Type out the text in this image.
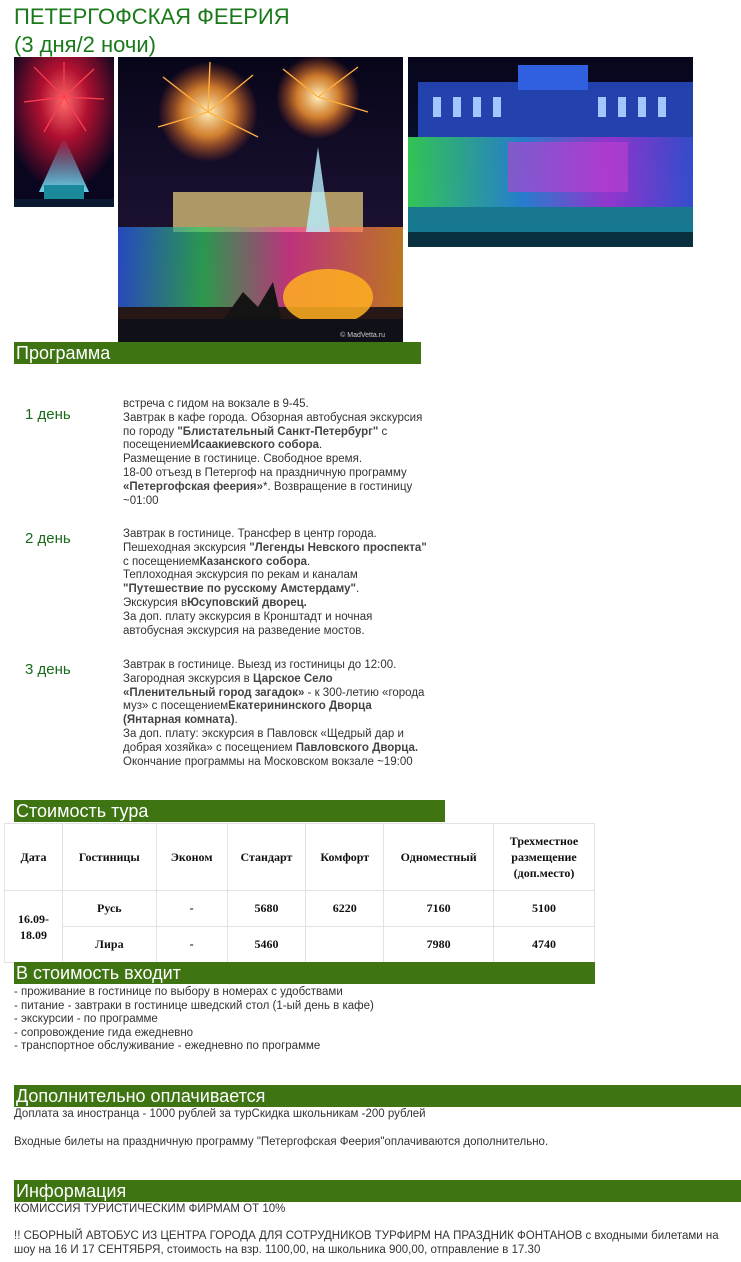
ПЕТЕРГОФСКАЯ ФЕЕРИЯ
(3 дня/2 ночи)
© MadVetta.ru
Программа
1 день
встреча с гидом на вокзале в 9-45.
Завтрак в кафе города. Обзорная автобусная экскурсия по городу "Блистательный Санкт-Петербург" с посещениемИсаакиевского собора.
Размещение в гостинице. Свободное время.
18-00 отъезд в Петергоф на праздничную программу «Петергофская феерия»*. Возвращение в гостиницу ~01:00
2 день	Завтрак в гостинице. Трансфер в центр города.
Пешеходная экскурсия "Легенды Невского проспекта" с посещениемКазанского собора.
Теплоходная экскурсия по рекам и каналам "Путешествие по русскому Амстердаму".
Экскурсия вЮсуповский дворец.
За доп. плату экскурсия в Кронштадт и ночная автобусная экскурсия на разведение мостов.
3 день	Завтрак в гостинице. Выезд из гостиницы до 12:00.
Загородная экскурсия в Царское Село «Пленительный город загадок» - к 300-летию «города муз» с посещениемЕкатерининского Дворца (Янтарная комната).
За доп. плату: экскурсия в Павловск «Щедрый дар и добрая хозяйка» с посещением Павловского Дворца. Окончание программы на Московском вокзале ~19:00
Стоимость тура
Дата	Гостиницы	Эконом	Стандарт	Комфорт	Одноместный	Трехместное размещение (доп.место)
16.09-18.09	Русь	-	5680	6220	7160	5100
	Лира	-	5460		7980	4740
В стоимость входит
- проживание в гостинице по выбору в номерах с удобствами
- питание - завтраки в гостинице шведский стол (1-ый день в кафе)
- экскурсии - по программе
- сопровождение гида ежедневно
- транспортное обслуживание - ежедневно по программе
Дополнительно оплачивается
Доплата за иностранца - 1000 рублей за турСкидка школьникам -200 рублей
Входные билеты на праздничную программу "Петергофская Феерия"оплачиваются дополнительно.
Информация
КОМИССИЯ ТУРИСТИЧЕСКИМ ФИРМАМ ОТ 10%
!! СБОРНЫЙ АВТОБУС ИЗ ЦЕНТРА ГОРОДА ДЛЯ СОТРУДНИКОВ ТУРФИРМ НА ПРАЗДНИК ФОНТАНОВ с входными билетами на шоу на 16 И 17 СЕНТЯБРЯ, стоимость на взр. 1100,00, на школьника 900,00, отправление в 17.30
